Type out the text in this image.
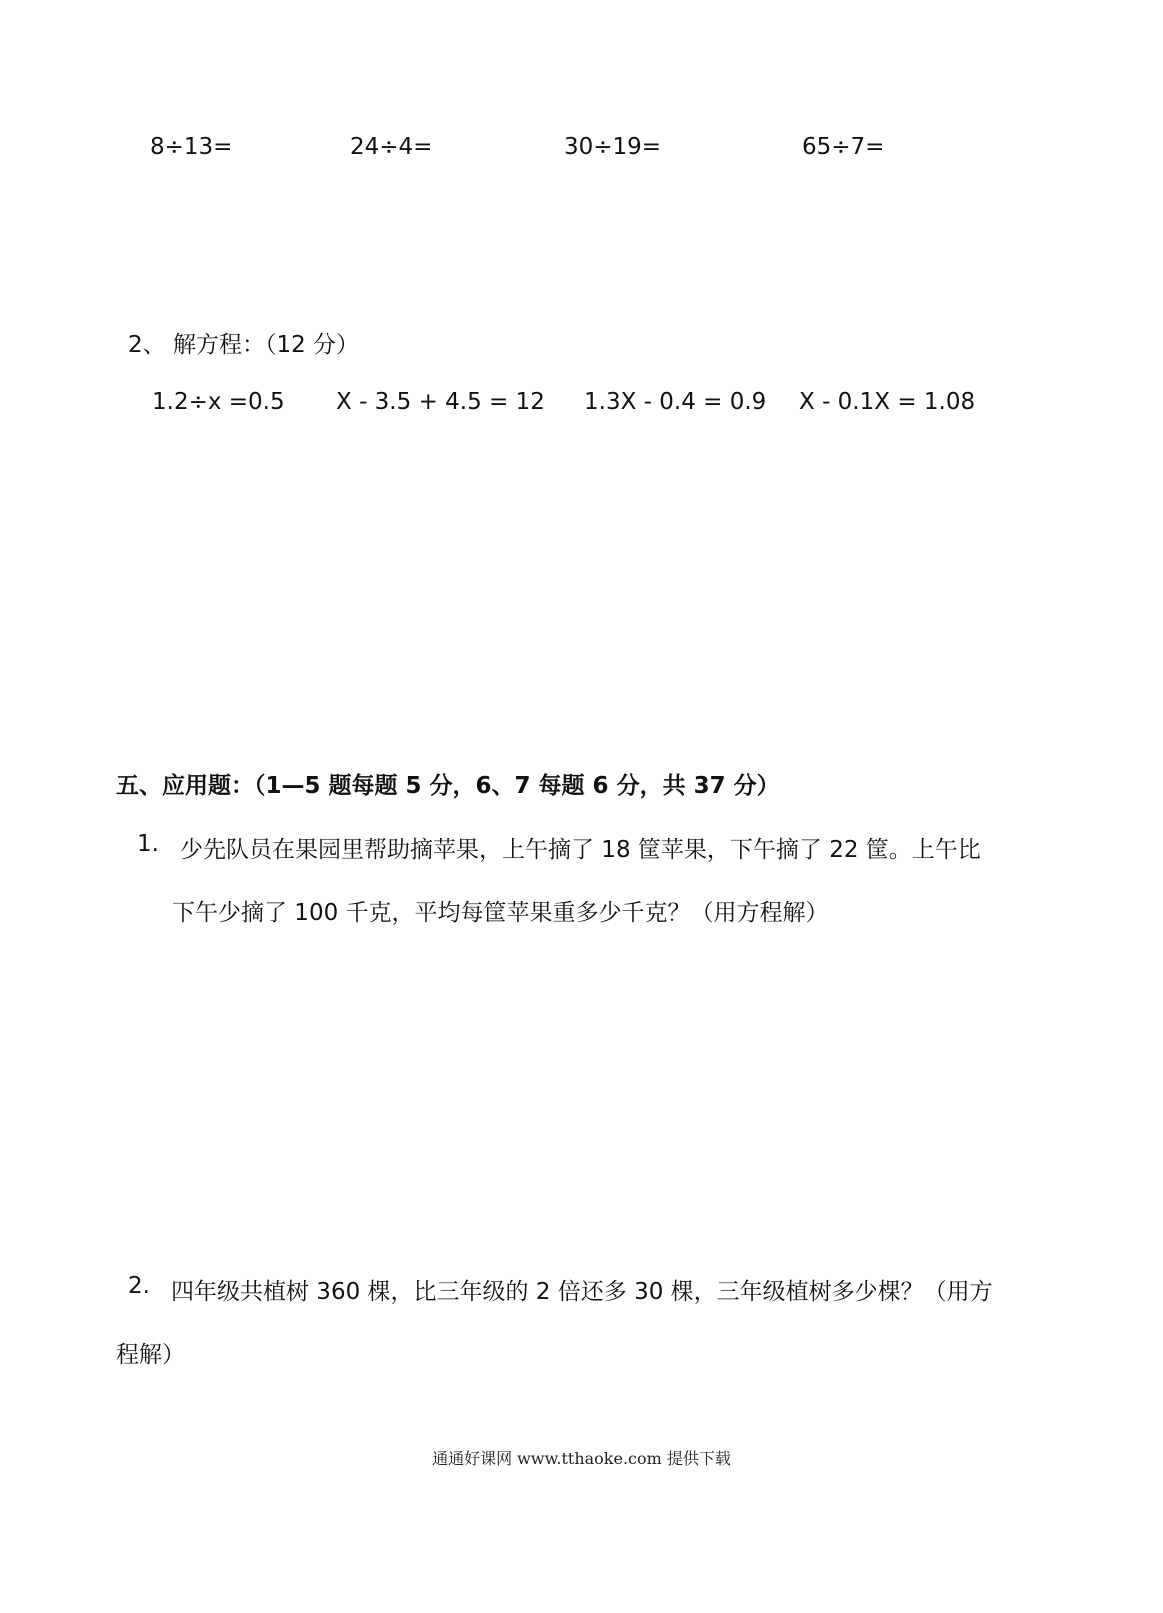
8÷13=	24÷4=	30÷19=	65÷7=
2、 解方程：（12 分）
1.2÷x =0.5 X - 3.5 + 4.5 = 12 1.3X - 0.4 = 0.9 X - 0.1X = 1.08
五、应用题：（1—5 题每题 5 分，6、7 每题 6 分，共 37 分）
1. 少先队员在果园里帮助摘苹果，上午摘了 18 筐苹果，下午摘了 22 筐。上午比
下午少摘了 100 千克，平均每筐苹果重多少千克？（用方程解）
2. 四年级共植树 360 棵，比三年级的 2 倍还多 30 棵，三年级植树多少棵？（用方
程解）
通通好课网 www.tthaoke.com 提供下载
